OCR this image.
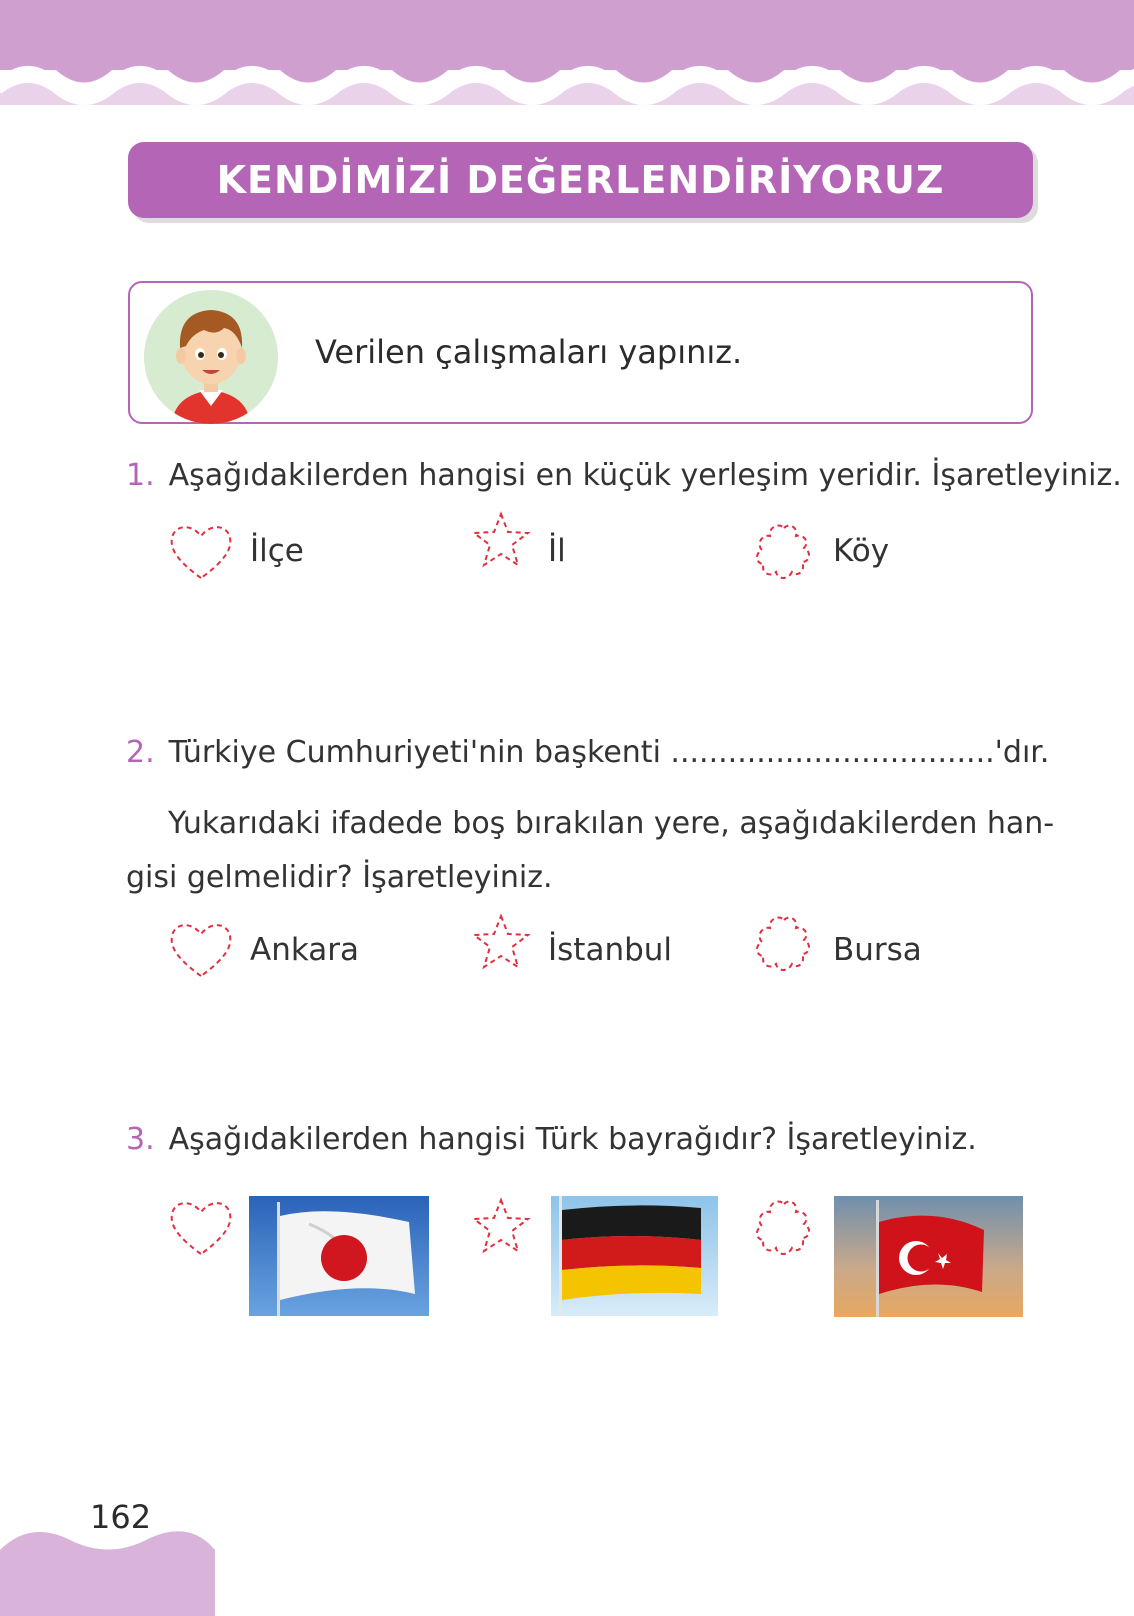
KENDİMİZİ DEĞERLENDİRİYORUZ
Verilen çalışmaları yapınız.
1. Aşağıdakilerden hangisi en küçük yerleşim yeridir. İşaretleyiniz.
İlçe	İl	Köy
2. Türkiye Cumhuriyeti'nin başkenti ..................................'dır.
Yukarıdaki ifadede boş bırakılan yere, aşağıdakilerden han-
gisi gelmelidir? İşaretleyiniz.
Ankara	İstanbul	Bursa
3. Aşağıdakilerden hangisi Türk bayrağıdır? İşaretleyiniz.
162
